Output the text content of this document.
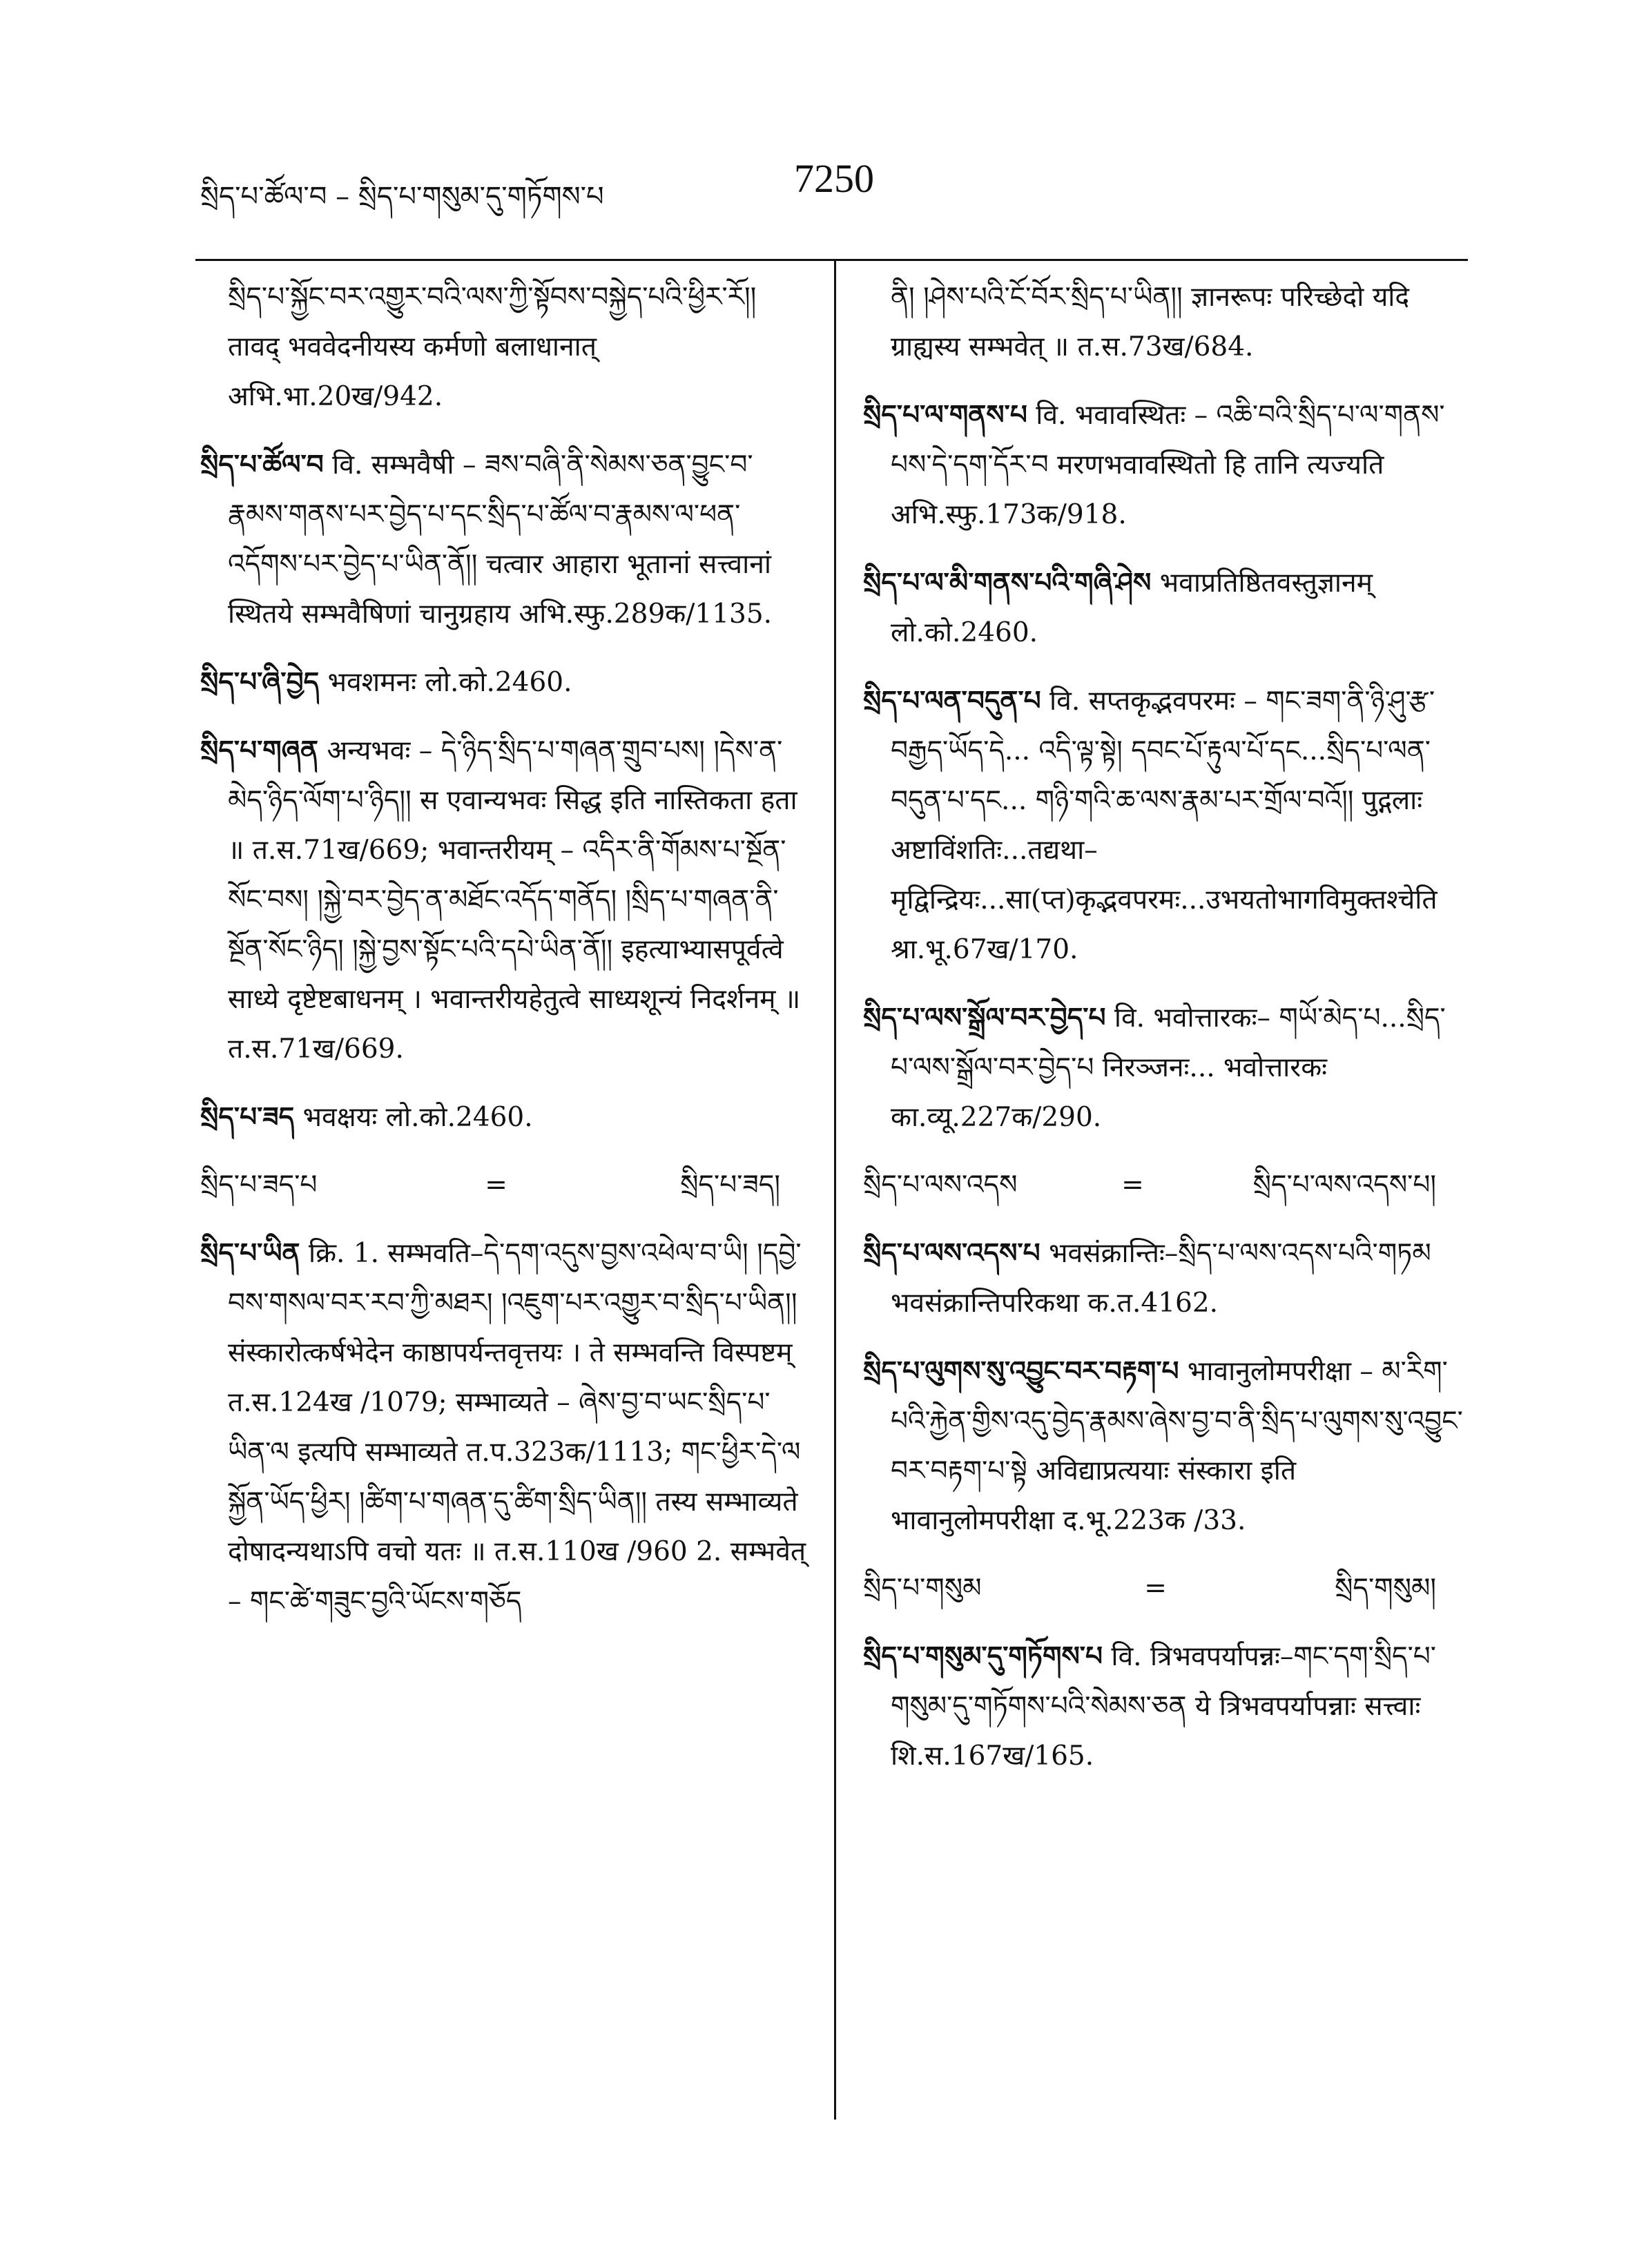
སྲིད་པ་ཚོལ་བ – སྲིད་པ་གསུམ་དུ་གཏོགས་པ	7250
སྲིད་པ་སྐྱོང་བར་འགྱུར་བའི་ལས་ཀྱི་སྟོབས་བསྐྱེད་པའི་ཕྱིར་རོ།། तावद् भववेदनीयस्य कर्मणो बलाधानात् अभि.भा.20ख/942.
སྲིད་པ་ཚོལ་བ वि. सम्भवैषी – ཟས་བཞི་ནི་སེམས་ཅན་བྱུང་བ་རྣམས་གནས་པར་བྱེད་པ་དང་སྲིད་པ་ཚོལ་བ་རྣམས་ལ་ཕན་འདོགས་པར་བྱེད་པ་ཡིན་ནོ།། चत्वार आहारा भूतानां सत्त्वानां स्थितये सम्भवैषिणां चानुग्रहाय अभि.स्फु.289क/1135.
སྲིད་པ་ཞི་བྱེད भवशमनः लो.को.2460.
སྲིད་པ་གཞན अन्यभवः – དེ་ཉིད་སྲིད་པ་གཞན་གྲུབ་པས། །དེས་ན་མེད་ཉིད་ལོག་པ་ཉིད།། स एवान्यभवः सिद्ध इति नास्तिकता हता ॥ त.स.71ख/669; भवान्तरीयम् – འདིར་ནི་གོམས་པ་སྔོན་སོང་བས། །སྐྱེ་བར་བྱེད་ན་མཐོང་འདོད་གནོད། །སྲིད་པ་གཞན་ནི་སྔོན་སོང་ཉིད། །སྐྱེ་བྱས་སྟོང་པའི་དཔེ་ཡིན་ནོ།། इहत्याभ्यासपूर्वत्वे साध्ये दृष्टेष्टबाधनम् । भवान्तरीयहेतुत्वे साध्यशून्यं निदर्शनम् ॥ त.स.71ख/669.
སྲིད་པ་ཟད भवक्षयः लो.को.2460.
སྲིད་པ་ཟད་པ	=	སྲིད་པ་ཟད།
སྲིད་པ་ཡིན क्रि. 1. सम्भवति–དེ་དག་འདུས་བྱས་འཕེལ་བ་ཡི། །དབྱེ་བས་གསལ་བར་རབ་ཀྱི་མཐར། །འཇུག་པར་འགྱུར་བ་སྲིད་པ་ཡིན།། संस्कारोत्कर्षभेदेन काष्ठापर्यन्तवृत्तयः । ते सम्भवन्ति विस्पष्टम् त.स.124ख /1079; सम्भाव्यते – ཞེས་བྱ་བ་ཡང་སྲིད་པ་ཡིན་ལ इत्यपि सम्भाव्यते त.प.323क/1113; གང་ཕྱིར་དེ་ལ སྐྱོན་ཡོད་ཕྱིར། །ཚིག་པ་གཞན་དུ་ཚིག་སྲིད་ཡིན།། तस्य सम्भाव्यते दोषादन्यथाऽपि वचो यतः ॥ त.स.110ख /960 2. सम्भवेत् – གང་ཚེ་གཟུང་བྱའི་ཡོངས་གཅོད
ནི། །ཤེས་པའི་ངོ་བོར་སྲིད་པ་ཡིན།། ज्ञानरूपः परिच्छेदो यदि ग्राह्यस्य सम्भवेत् ॥ त.स.73ख/684.
སྲིད་པ་ལ་གནས་པ वि. भवावस्थितः – འཆི་བའི་སྲིད་པ་ལ་གནས་པས་དེ་དག་དོར་བ मरणभवावस्थितो हि तानि त्यज्यति अभि.स्फु.173क/918.
སྲིད་པ་ལ་མི་གནས་པའི་གཞི་ཤེས भवाप्रतिष्ठितवस्तुज्ञानम् लो.को.2460.
སྲིད་པ་ལན་བདུན་པ वि. सप्तकृद्भवपरमः – གང་ཟག་ནི་ཉི་ཤུ་རྩ་བརྒྱད་ཡོད་དེ... འདི་ལྟ་སྟེ། དབང་པོ་རྟུལ་པོ་དང...སྲིད་པ་ལན་བདུན་པ་དང... གཉི་གའི་ཆ་ལས་རྣམ་པར་གྲོལ་བའོ།། पुद्गलाः अष्टाविंशतिः...तद्यथा–मृद्विन्द्रियः...सा(प्त)कृद्भवपरमः...उभयतोभागविमुक्तश्चेति श्रा.भू.67ख/170.
སྲིད་པ་ལས་སྒྲོལ་བར་བྱེད་པ वि. भवोत्तारकः– གཡོ་མེད་པ...སྲིད་པ་ལས་སྒྲོལ་བར་བྱེད་པ निरञ्जनः... भवोत्तारकः का.व्यू.227क/290.
སྲིད་པ་ལས་འདས	=	སྲིད་པ་ལས་འདས་པ།
སྲིད་པ་ལས་འདས་པ भवसंक्रान्तिः–སྲིད་པ་ལས་འདས་པའི་གཏམ भवसंक्रान्तिपरिकथा क.त.4162.
སྲིད་པ་ལུགས་སུ་འབྱུང་བར་བརྟག་པ भावानुलोमपरीक्षा – མ་རིག་པའི་རྐྱེན་གྱིས་འདུ་བྱེད་རྣམས་ཞེས་བྱ་བ་ནི་སྲིད་པ་ལུགས་སུ་འབྱུང་བར་བརྟག་པ་སྟེ अविद्याप्रत्ययाः संस्कारा इति भावानुलोमपरीक्षा द.भू.223क /33.
སྲིད་པ་གསུམ	=	སྲིད་གསུམ།
སྲིད་པ་གསུམ་དུ་གཏོགས་པ वि. त्रिभवपर्यापन्नः–གང་དག་སྲིད་པ་གསུམ་དུ་གཏོགས་པའི་སེམས་ཅན ये त्रिभवपर्यापन्नाः सत्त्वाः शि.स.167ख/165.
